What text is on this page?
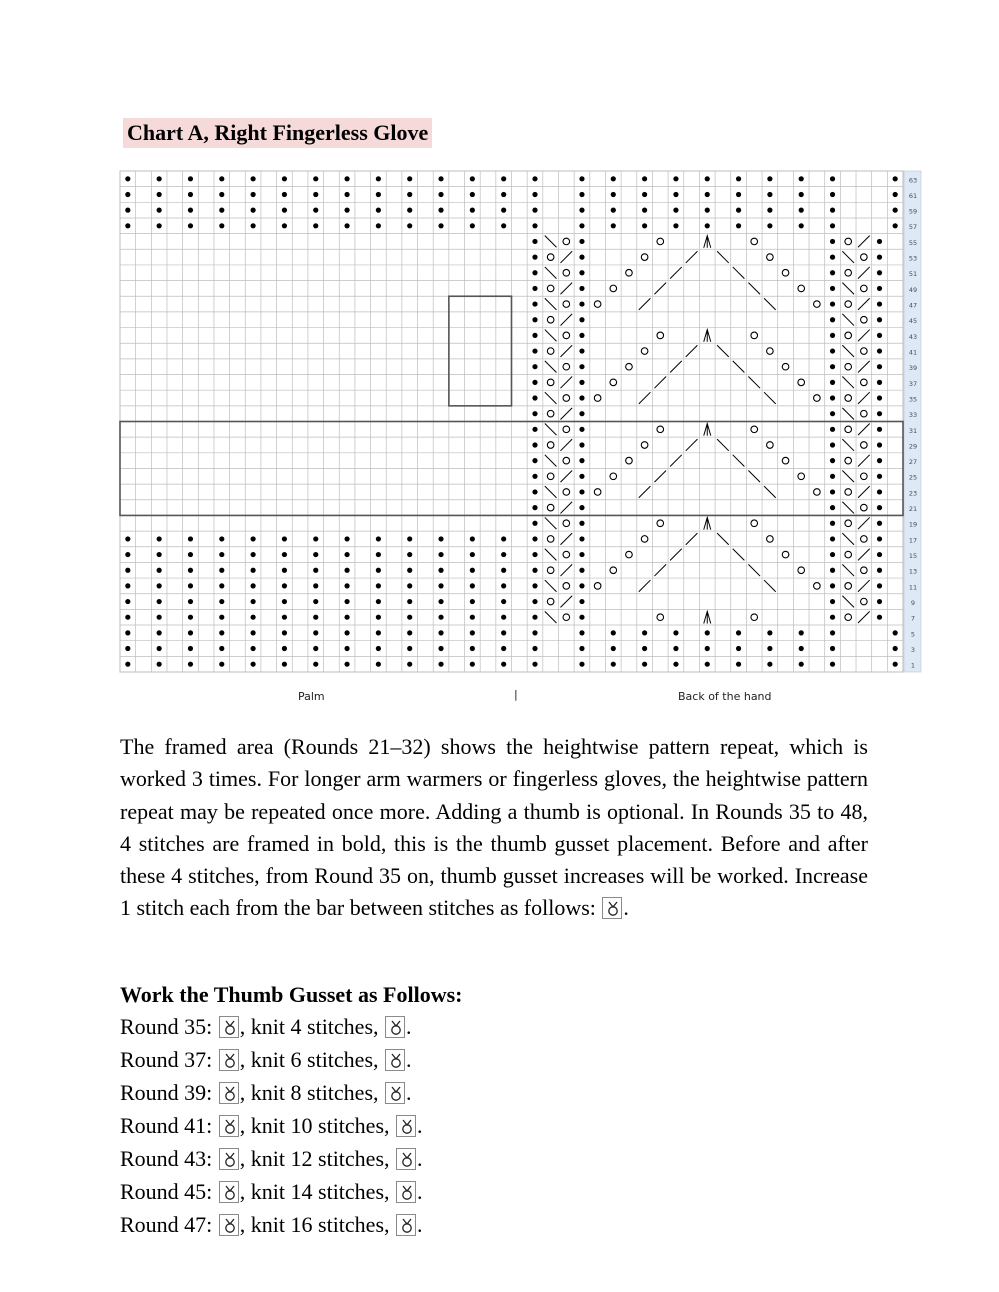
Chart A, Right Fingerless Glove
63
61
59
57
55
53
51
49
47
45
43
41
39
37
35
33
31
29
27
25
23
21
19
17
15
13
11
9
7
5
3
1
Palm	|	Back of the hand
The framed area (Rounds 21–32) shows the heightwise pattern repeat, which is worked 3 times. For longer arm warmers or fingerless gloves, the heightwise pattern repeat may be repeated once more. Adding a thumb is optional. In Rounds 35 to 48, 4 stitches are framed in bold, this is the thumb gusset placement. Before and after these 4 stitches, from Round 35 on, thumb gusset increases will be worked. Increase 1 stitch each from the bar between stitches as follows: .
Work the Thumb Gusset as Follows:
Round 35:
, knit 4 stitches,
.
Round 37:
, knit 6 stitches,
.
Round 39:
, knit 8 stitches,
.
Round 41:
, knit 10 stitches,
.
Round 43:
, knit 12 stitches,
.
Round 45:
, knit 14 stitches,
.
Round 47:
, knit 16 stitches,
.
